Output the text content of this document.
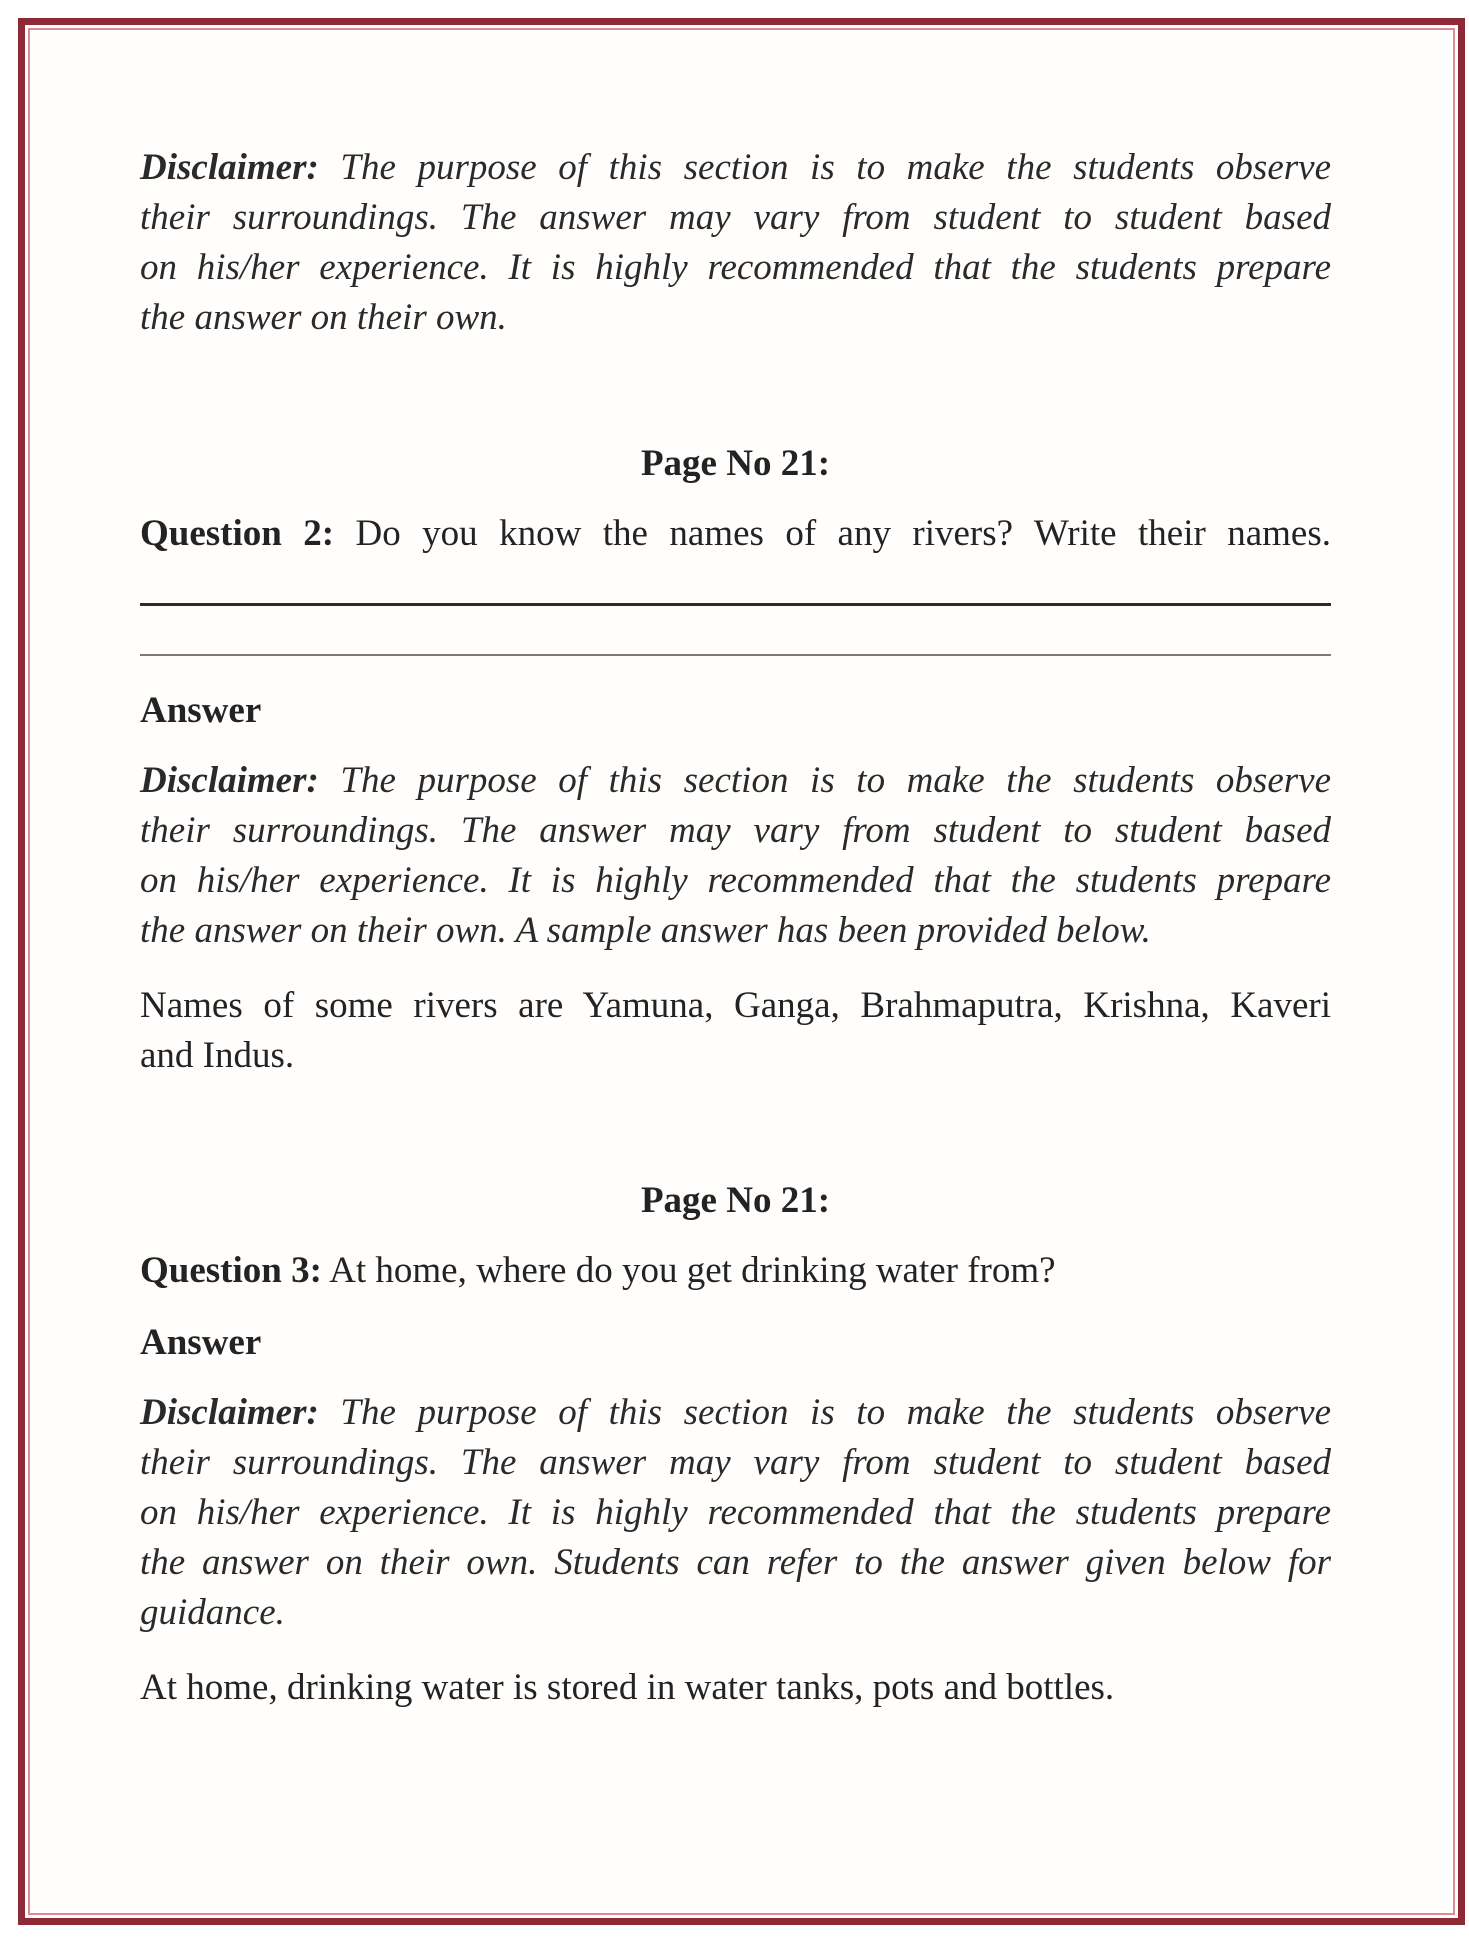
Disclaimer: The purpose of this section is to make the students observe
their surroundings. The answer may vary from student to student based
on his/her experience. It is highly recommended that the students prepare
the answer on their own.
Page No 21:
Question 2: Do you know the names of any rivers? Write their names.
Answer
Disclaimer: The purpose of this section is to make the students observe
their surroundings. The answer may vary from student to student based
on his/her experience. It is highly recommended that the students prepare
the answer on their own. A sample answer has been provided below.
Names of some rivers are Yamuna, Ganga, Brahmaputra, Krishna, Kaveri
and Indus.
Page No 21:
Question 3: At home, where do you get drinking water from?
Answer
Disclaimer: The purpose of this section is to make the students observe
their surroundings. The answer may vary from student to student based
on his/her experience. It is highly recommended that the students prepare
the answer on their own. Students can refer to the answer given below for
guidance.
At home, drinking water is stored in water tanks, pots and bottles.
